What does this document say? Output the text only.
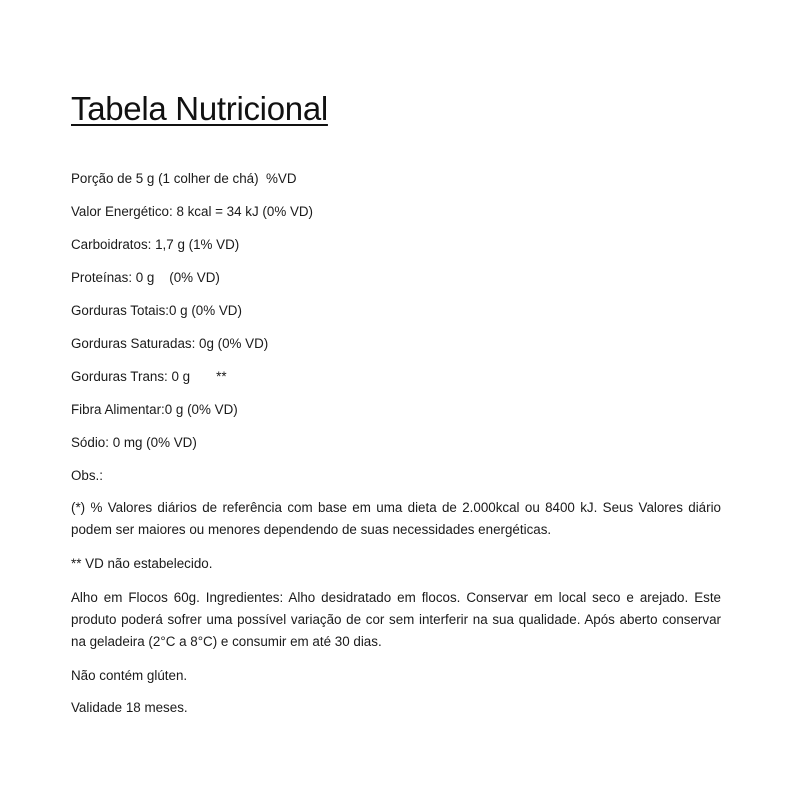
Tabela Nutricional

Porção de 5 g (1 colher de chá)  %VD

Valor Energético: 8 kcal = 34 kJ (0% VD)

Carboidratos: 1,7 g (1% VD)

Proteínas: 0 g    (0% VD)

Gorduras Totais:0 g (0% VD)

Gorduras Saturadas: 0g (0% VD)

Gorduras Trans: 0 g       **

Fibra Alimentar:0 g (0% VD)

Sódio: 0 mg (0% VD)

Obs.:

(*) % Valores diários de referência com base em uma dieta de 2.000kcal ou 8400 kJ. Seus Valores diário podem ser maiores ou menores dependendo de suas necessidades energéticas.

** VD não estabelecido.

Alho em Flocos 60g. Ingredientes: Alho desidratado em flocos. Conservar em local seco e arejado. Este produto poderá sofrer uma possível variação de cor sem interferir na sua qualidade. Após aberto conservar na geladeira (2°C a 8°C) e consumir em até 30 dias.

Não contém glúten.

Validade 18 meses.
